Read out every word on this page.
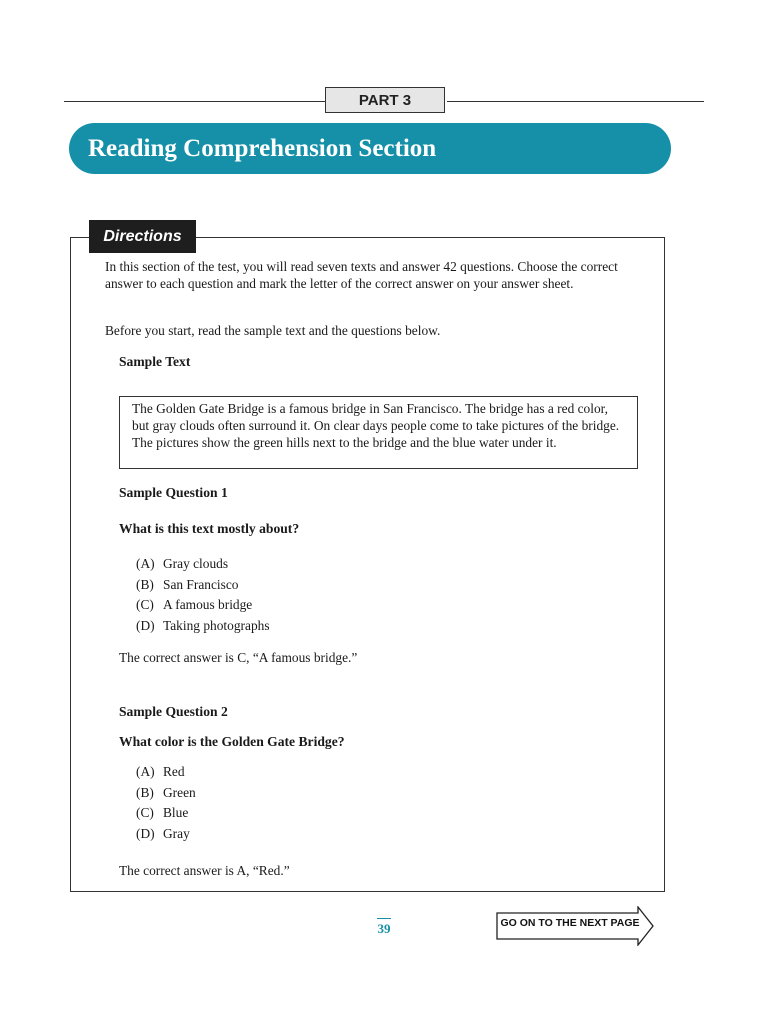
PART 3
Reading Comprehension Section
Directions
In this section of the test, you will read seven texts and answer 42 questions. Choose the correct answer to each question and mark the letter of the correct answer on your answer sheet.
Before you start, read the sample text and the questions below.
Sample Text
The Golden Gate Bridge is a famous bridge in San Francisco. The bridge has a red color, but gray clouds often surround it. On clear days people come to take pictures of the bridge. The pictures show the green hills next to the bridge and the blue water under it.
Sample Question 1
What is this text mostly about?
(A) Gray clouds
(B) San Francisco
(C) A famous bridge
(D) Taking photographs
The correct answer is C, “A famous bridge.”
Sample Question 2
What color is the Golden Gate Bridge?
(A) Red
(B) Green
(C) Blue
(D) Gray
The correct answer is A, “Red.”
39	GO ON TO THE NEXT PAGE
